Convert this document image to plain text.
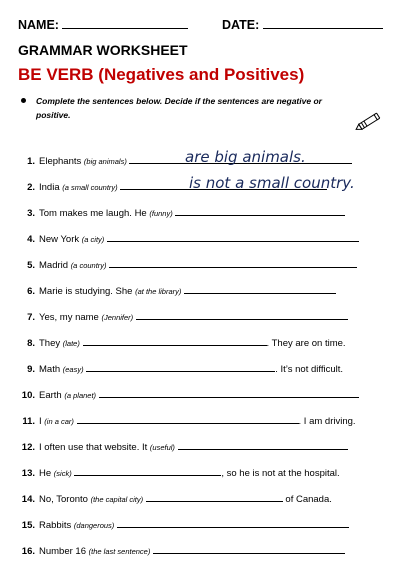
NAME:	DATE:
GRAMMAR WORKSHEET
BE VERB (Negatives and Positives)
Complete the sentences below. Decide if the sentences are negative or positive.
1. Elephants (big animals)	are big animals.
2. India (a small country)	is not a small country.
3. Tom makes me laugh. He (funny)
4. New York (a city)
5. Madrid (a country)
6. Marie is studying. She (at the library)
7. Yes, my name (Jennifer)
8. They (late)	. They are on time.
9. Math (easy)	. It’s not difficult.
10. Earth (a planet)
11. I (in a car)	. I am driving.
12. I often use that website. It (useful)
13. He (sick)	, so he is not at the hospital.
14. No, Toronto (the capital city)	of Canada.
15. Rabbits (dangerous)
16. Number 16 (the last sentence)
